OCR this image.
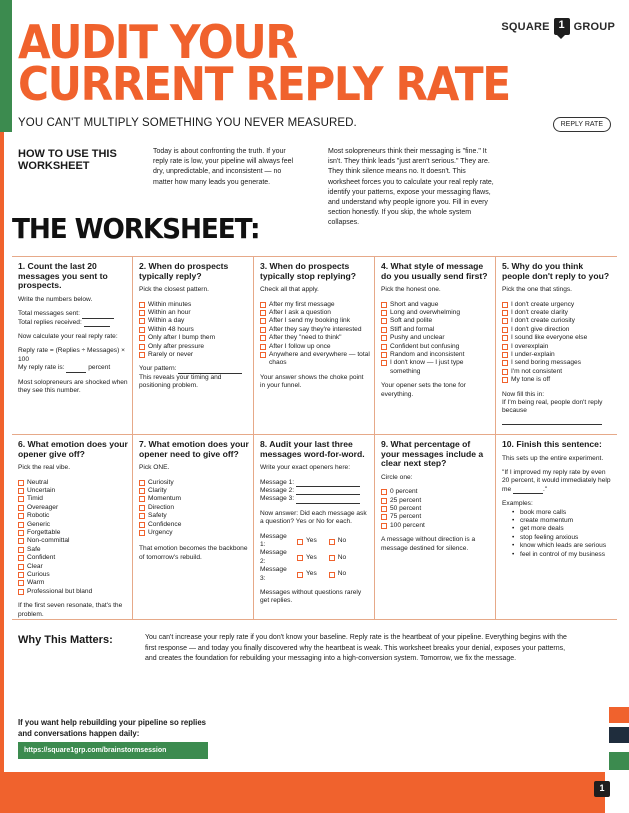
AUDIT YOUR
CURRENT REPLY RATE
SQUARE 1 GROUP
YOU CAN'T MULTIPLY SOMETHING YOU NEVER MEASURED.	REPLY RATE
HOW TO USE THIS WORKSHEET
Today is about confronting the truth. If your reply rate is low, your pipeline will always feel dry, unpredictable, and inconsistent — no matter how many leads you generate.
Most solopreneurs think their messaging is "fine." It isn't. They think leads "just aren't serious." They are. They think silence means no. It doesn't. This worksheet forces you to calculate your real reply rate, identify your patterns, expose your messaging flaws, and understand why people ignore you. Fill in every section honestly. If you skip, the whole system collapses.
THE WORKSHEET:
1. Count the last 20 messages you sent to prospects.

Write the numbers below.

Total messages sent:

Total replies received:

Now calculate your real reply rate:

Reply rate = (Replies ÷ Messages) × 100

My reply rate is:	percent

Most solopreneurs are shocked when they see this number.

2. When do prospects typically reply?

Pick the closest pattern.

Within minutes
Within an hour
Within a day
Within 48 hours
Only after I bump them
Only after pressure
Rarely or never
Your pattern:

This reveals your timing and positioning problem.

3. When do prospects typically stop replying?

Check all that apply.

After my first message
After I ask a question
After I send my booking link
After they say they're interested
After they "need to think"
After I follow up once
Anywhere and everywhere — total chaos

Your answer shows the choke point in your funnel.

4. What style of message do you usually send first?

Pick the honest one.

Short and vague
Long and overwhelming
Soft and polite
Stiff and formal
Pushy and unclear
Confident but confusing
Random and inconsistent
I don't know — I just type something

Your opener sets the tone for everything.

5. Why do you think people don't reply to you?

Pick the one that stings.

I don't create urgency
I don't create clarity
I don't create curiosity
I don't give direction
I sound like everyone else
I overexplain
I under-explain
I send boring messages
I'm not consistent
My tone is off
Now fill this in:
If I'm being real, people don't reply because
6. What emotion does your opener give off?

Pick the real vibe.

Neutral
Uncertain
Timid
Overeager
Robotic
Generic
Forgettable
Non-committal
Safe
Confident
Clear
Curious
Warm
Professional but bland

If the first seven resonate, that's the problem.

7. What emotion does your opener need to give off?

Pick ONE.

Curiosity
Clarity
Momentum
Direction
Safety
Confidence
Urgency

That emotion becomes the backbone of tomorrow's rebuild.

8. Audit your last three messages word-for-word.

Write your exact openers here:

Message 1:
Message 2:
Message 3:

Now answer: Did each message ask a question? Yes or No for each.

Message 1:
Yes	No
Message 2:
Yes	No
Message 3:
Yes	No

Messages without questions rarely get replies.

9. What percentage of your messages include a clear next step?

Circle one:

0 percent
25 percent
50 percent
75 percent
100 percent

A message without direction is a message destined for silence.

10. Finish this sentence:

This sets up the entire experiment.

"If I improved my reply rate by even 20 percent, it would immediately help me	."

Examples:
• book more calls
• create momentum
• get more deals
• stop feeling anxious
• know which leads are serious
• feel in control of my business
Why This Matters:	You can't increase your reply rate if you don't know your baseline. Reply rate is the heartbeat of your pipeline. Everything begins with the first response — and today you finally discovered why the heartbeat is weak. This worksheet breaks your denial, exposes your patterns, and creates the foundation for rebuilding your messaging into a high-conversion system. Tomorrow, we fix the message.
If you want help rebuilding your pipeline so replies and conversations happen daily:
https://square1grp.com/brainstormsession
1
